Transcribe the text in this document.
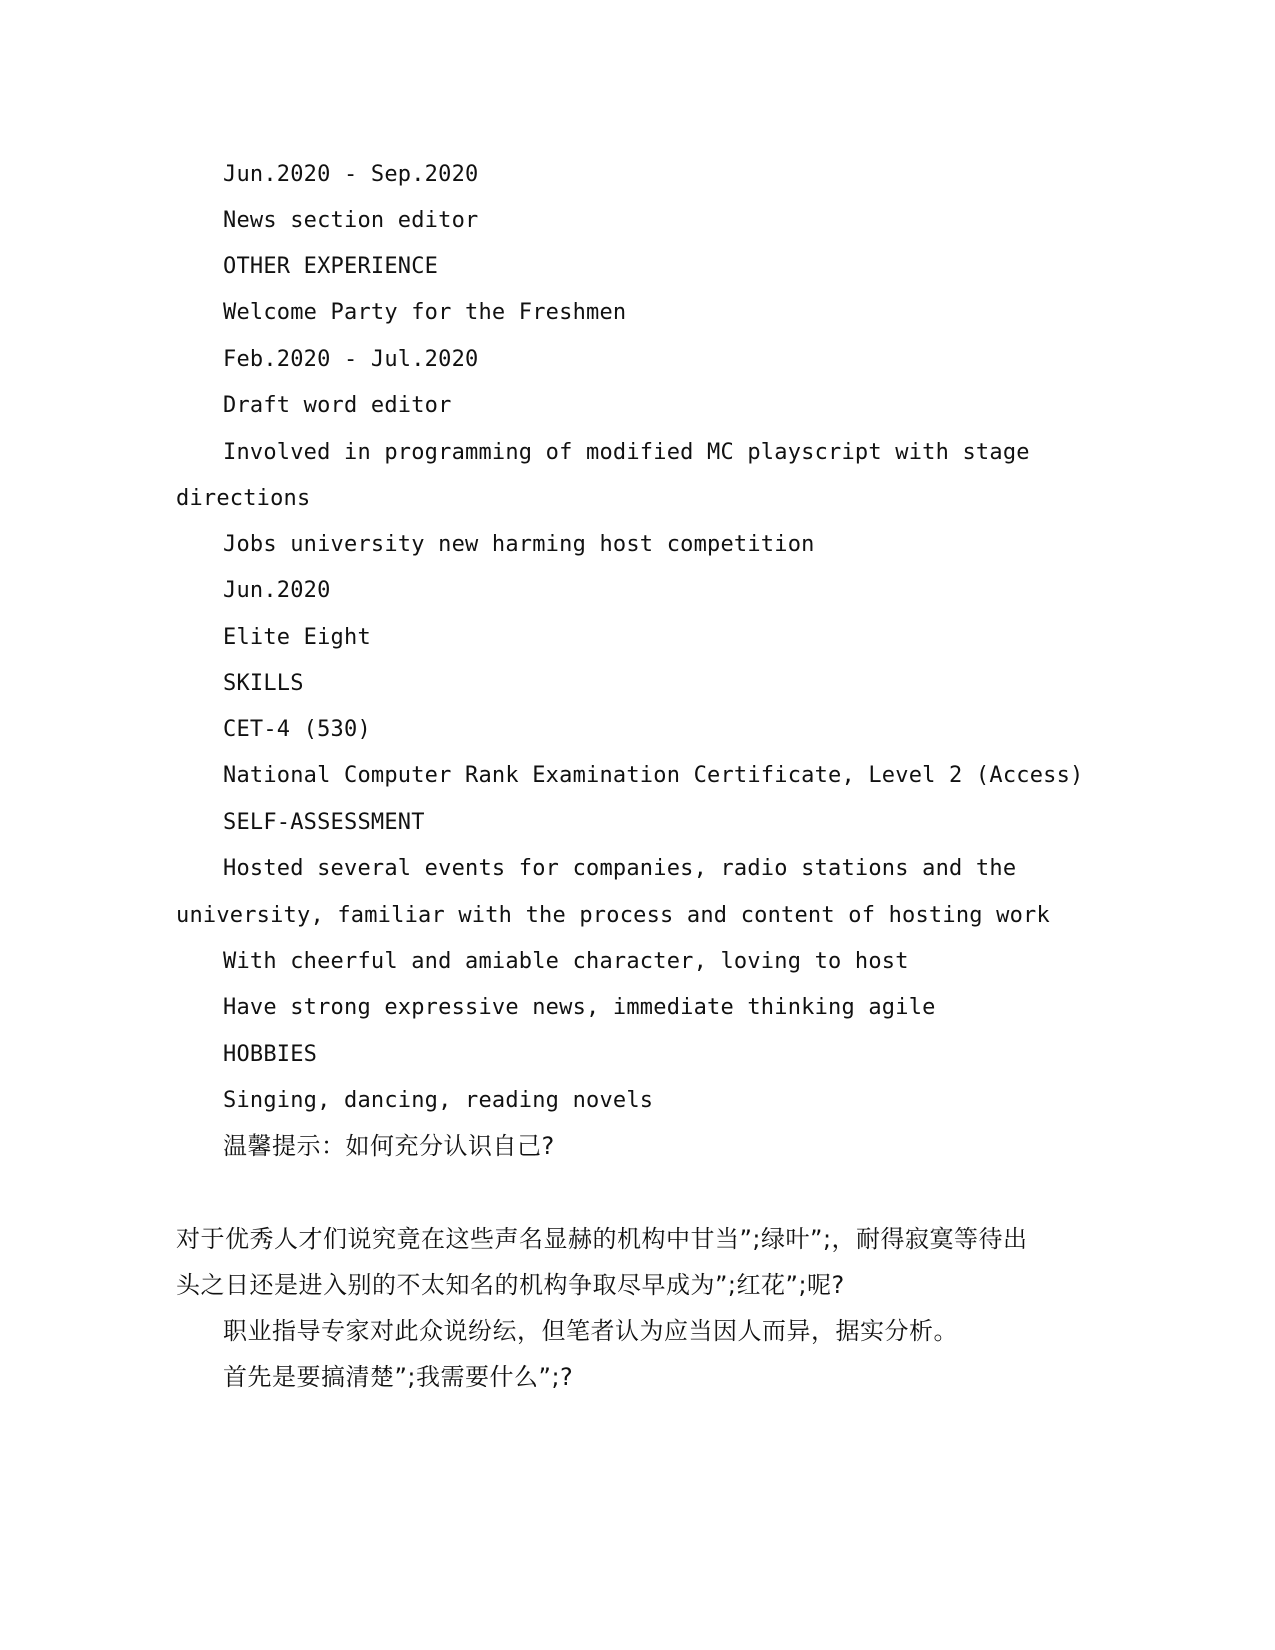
Jun.2020 - Sep.2020
News section editor
OTHER EXPERIENCE
Welcome Party for the Freshmen
Feb.2020 - Jul.2020
Draft word editor
Involved in programming of modified MC playscript with stage
directions
Jobs university new harming host competition
Jun.2020
Elite Eight
SKILLS
CET-4 (530)
National Computer Rank Examination Certificate, Level 2 (Access)
SELF-ASSESSMENT
Hosted several events for companies, radio stations and the
university, familiar with the process and content of hosting work
With cheerful and amiable character, loving to host
Have strong expressive news, immediate thinking agile
HOBBIES
Singing, dancing, reading novels
温馨提示：如何充分认识自己?
对于优秀人才们说究竟在这些声名显赫的机构中甘当”;绿叶”;，耐得寂寞等待出
头之日还是进入别的不太知名的机构争取尽早成为”;红花”;呢?
职业指导专家对此众说纷纭，但笔者认为应当因人而异，据实分析。
首先是要搞清楚”;我需要什么”;?
